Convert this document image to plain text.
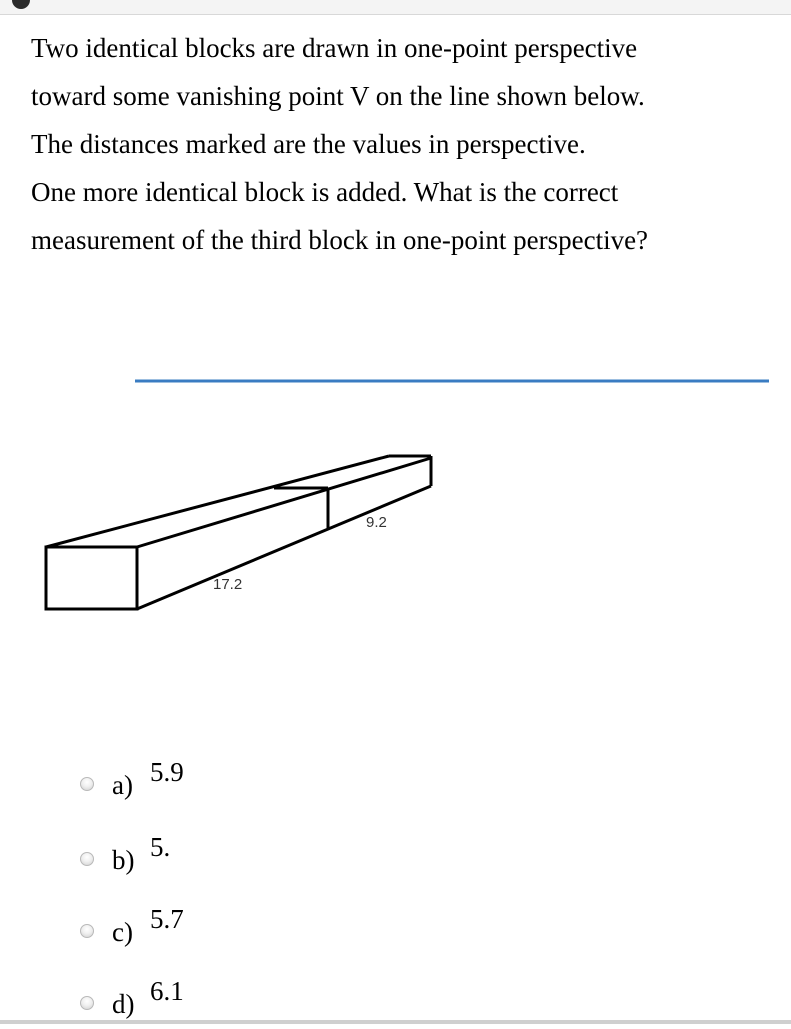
Two identical blocks are drawn in one-point perspective
toward some vanishing point V on the line shown below.
The distances marked are the values in perspective.
One more identical block is added. What is the correct
measurement of the third block in one-point perspective?
17.2
9.2
a) 5.9
b) 5.
c) 5.7
d) 6.1
